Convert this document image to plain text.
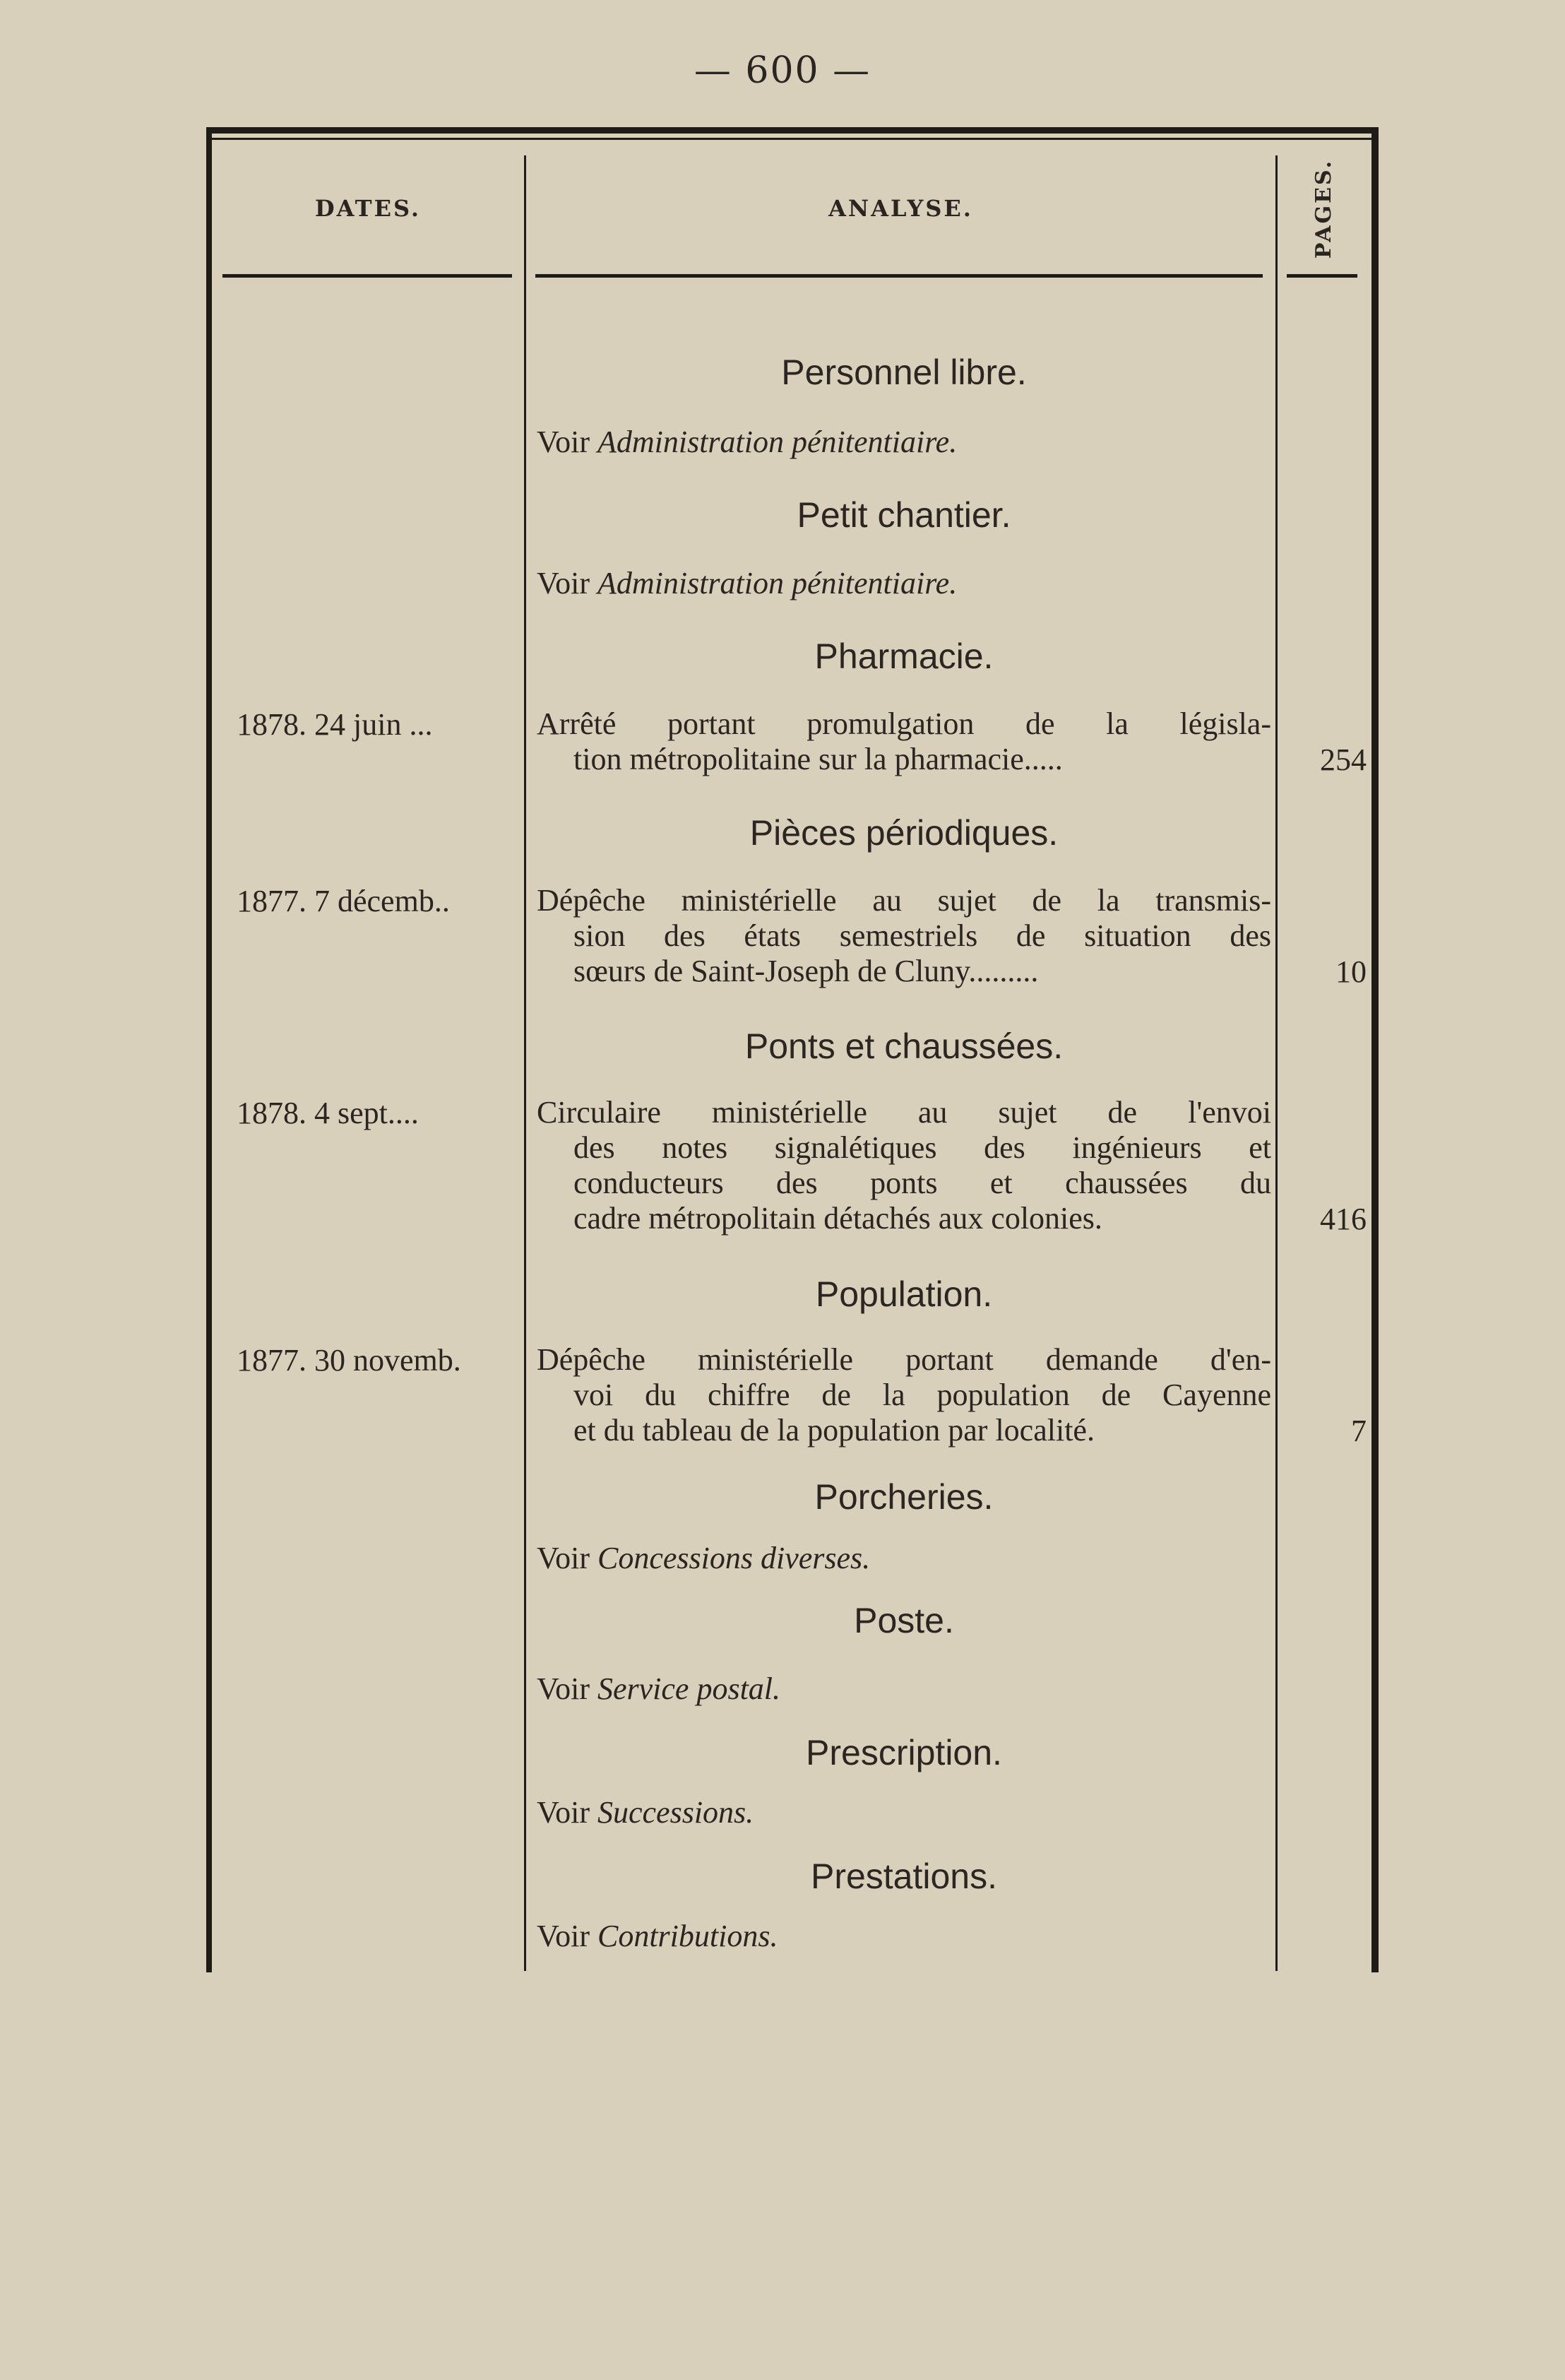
— 600 —
DATES.	ANALYSE.	PAGES.
Personnel libre.
Voir Administration pénitentiaire.
Petit chantier.
Voir Administration pénitentiaire.
Pharmacie.
1878. 24 juin ...	Arrêté portant promulgation de la législa-
tion métropolitaine sur la pharmacie.....	254
Pièces périodiques.
1877. 7 décemb..	Dépêche ministérielle au sujet de la transmis-
sion des états semestriels de situation des
sœurs de Saint-Joseph de Cluny.........	10
Ponts et chaussées.
1878. 4 sept....	Circulaire ministérielle au sujet de l'envoi
des notes signalétiques des ingénieurs et
conducteurs des ponts et chaussées du
cadre métropolitain détachés aux colonies.	416
Population.
1877. 30 novemb.	Dépêche ministérielle portant demande d'en-
voi du chiffre de la population de Cayenne
et du tableau de la population par localité.	7
Porcheries.
Voir Concessions diverses.
Poste.
Voir Service postal.
Prescription.
Voir Successions.
Prestations.
Voir Contributions.
